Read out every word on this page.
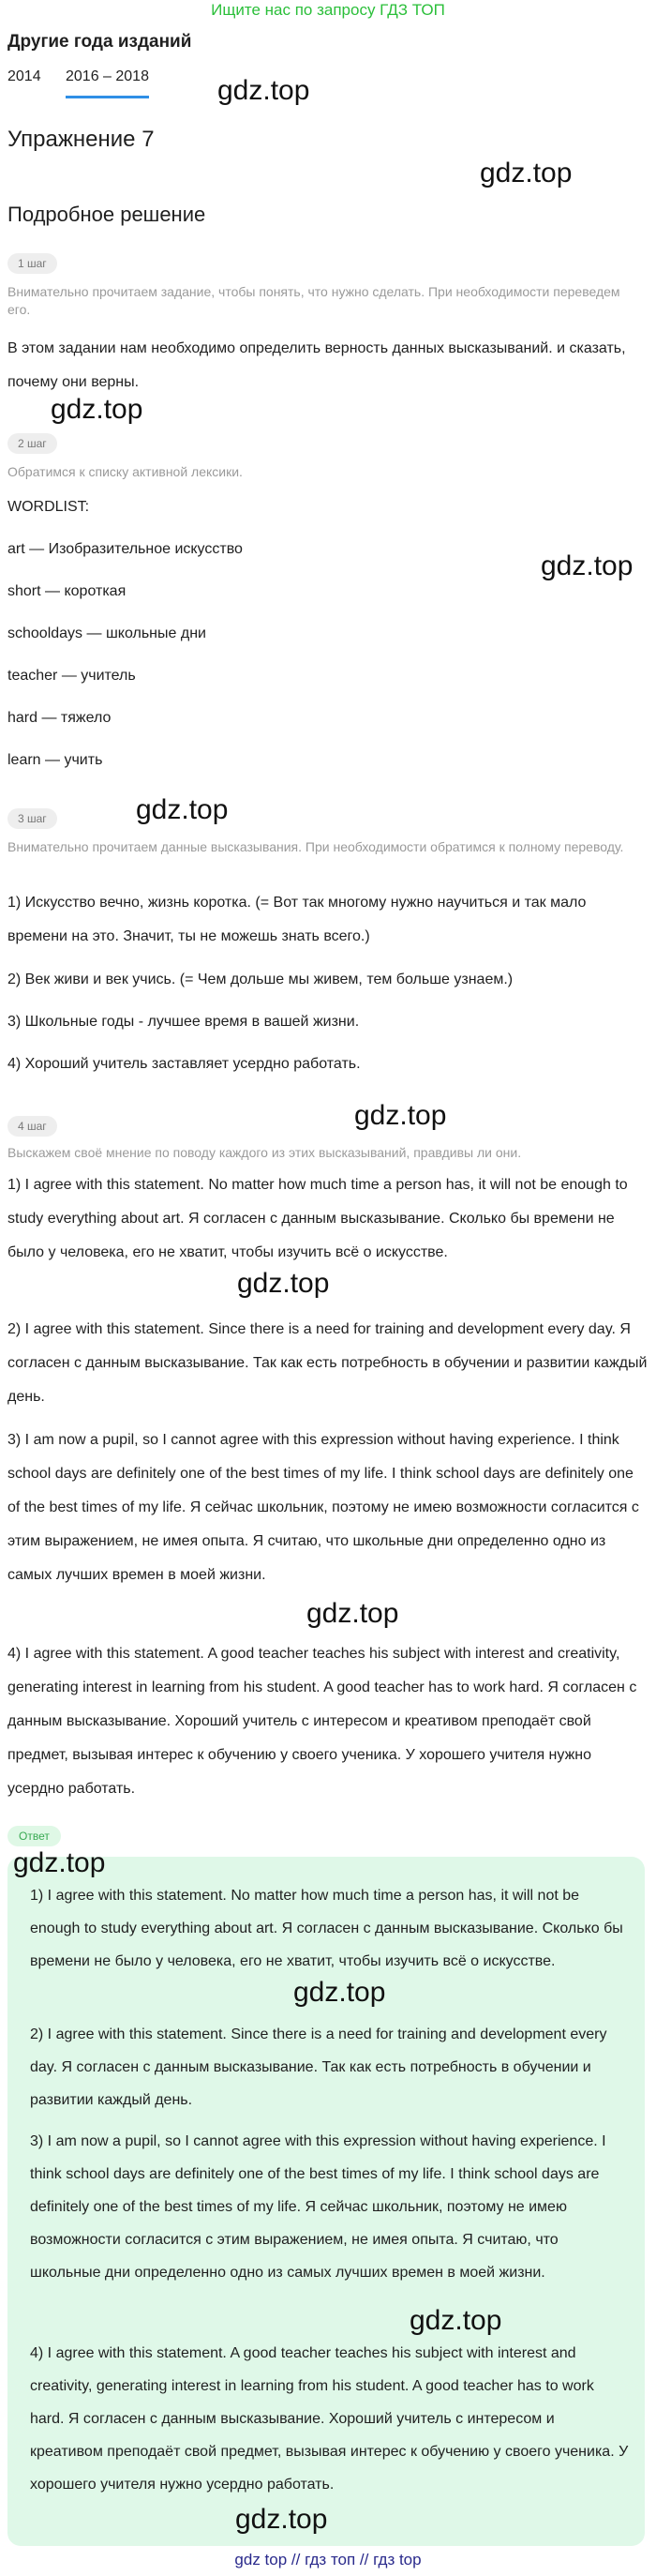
Ищите нас по запросу ГДЗ ТОП
Другие года изданий
2014 2016 – 2018
Упражнение 7
Подробное решение
1 шаг
Внимательно прочитаем задание, чтобы понять, что нужно сделать. При необходимости переведем его.
В этом задании нам необходимо определить верность данных высказываний. и сказать, почему они верны.
2 шаг
Обратимся к списку активной лексики.
WORDLIST:
art — Изобразительное искусство
short — короткая
schooldays — школьные дни
teacher — учитель
hard — тяжело
learn — учить
3 шаг
Внимательно прочитаем данные высказывания. При необходимости обратимся к полному переводу.
1) Искусство вечно, жизнь коротка. (= Вот так многому нужно научиться и так мало времени на это. Значит, ты не можешь знать всего.)
2) Век живи и век учись. (= Чем дольше мы живем, тем больше узнаем.)
3) Школьные годы - лучшее время в вашей жизни.
4) Хороший учитель заставляет усердно работать.
4 шаг
Выскажем своё мнение по поводу каждого из этих высказываний, правдивы ли они.
1) I agree with this statement. No matter how much time a person has, it will not be enough to study everything about art. Я согласен с данным высказывание. Сколько бы времени не было у человека, его не хватит, чтобы изучить всё о искусстве.
2) I agree with this statement. Since there is a need for training and development every day. Я согласен с данным высказывание. Так как есть потребность в обучении и развитии каждый день.
3) I am now a pupil, so I cannot agree with this expression without having experience. I think school days are definitely one of the best times of my life. I think school days are definitely one of the best times of my life. Я сейчас школьник, поэтому не имею возможности согласится с этим выражением, не имея опыта. Я считаю, что школьные дни определенно одно из самых лучших времен в моей жизни.
4) I agree with this statement. A good teacher teaches his subject with interest and creativity, generating interest in learning from his student. A good teacher has to work hard. Я согласен с данным высказывание. Хороший учитель с интересом и креативом преподаёт свой предмет, вызывая интерес к обучению у своего ученика. У хорошего учителя нужно усердно работать.
Ответ
1) I agree with this statement. No matter how much time a person has, it will not be enough to study everything about art. Я согласен с данным высказывание. Сколько бы времени не было у человека, его не хватит, чтобы изучить всё о искусстве.
2) I agree with this statement. Since there is a need for training and development every day. Я согласен с данным высказывание. Так как есть потребность в обучении и развитии каждый день.
3) I am now a pupil, so I cannot agree with this expression without having experience. I think school days are definitely one of the best times of my life. I think school days are definitely one of the best times of my life. Я сейчас школьник, поэтому не имею возможности согласится с этим выражением, не имея опыта. Я считаю, что школьные дни определенно одно из самых лучших времен в моей жизни.
4) I agree with this statement. A good teacher teaches his subject with interest and creativity, generating interest in learning from his student. A good teacher has to work hard. Я согласен с данным высказывание. Хороший учитель с интересом и креативом преподаёт свой предмет, вызывая интерес к обучению у своего ученика. У хорошего учителя нужно усердно работать.
gdz.top
gdz.top
gdz.top
gdz.top
gdz.top
gdz.top
gdz.top
gdz.top
gdz.top
gdz.top
gdz.top
gdz.top
gdz top // гдз топ // гдз top
